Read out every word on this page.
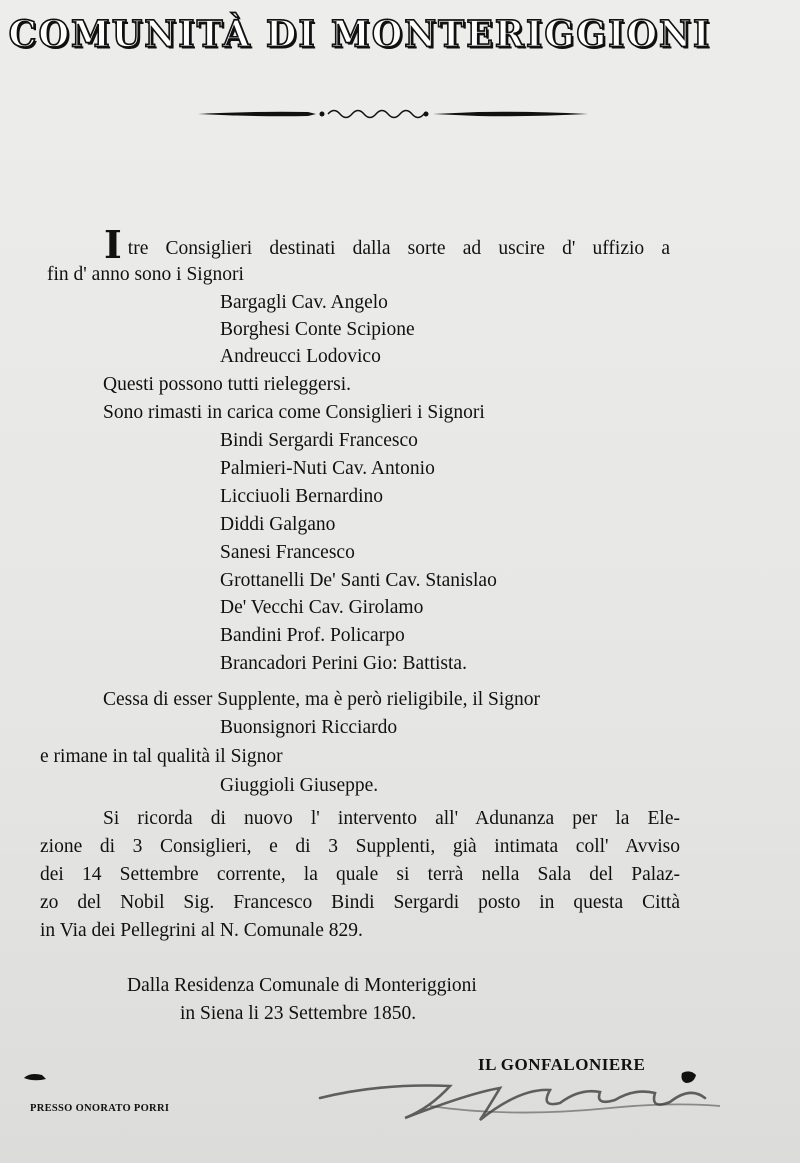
COMUNITÀ DI MONTERIGGIONI
Itre Consiglieri destinati dalla sorte ad uscire d' uffizio a
fin d' anno sono i Signori
Bargagli Cav. Angelo
Borghesi Conte Scipione
Andreucci Lodovico
Questi possono tutti rieleggersi.
Sono rimasti in carica come Consiglieri i Signori
Bindi Sergardi Francesco
Palmieri-Nuti Cav. Antonio
Licciuoli Bernardino
Diddi Galgano
Sanesi Francesco
Grottanelli De' Santi Cav. Stanislao
De' Vecchi Cav. Girolamo
Bandini Prof. Policarpo
Brancadori Perini Gio: Battista.
Cessa di esser Supplente, ma è però rieligibile, il Signor
Buonsignori Ricciardo
e rimane in tal qualità il Signor
Giuggioli Giuseppe.
Si ricorda di nuovo l' intervento all' Adunanza per la Ele-
zione di 3 Consiglieri, e di 3 Supplenti, già intimata coll' Avviso
dei 14 Settembre corrente, la quale si terrà nella Sala del Palaz-
zo del Nobil Sig. Francesco Bindi Sergardi posto in questa Città
in Via dei Pellegrini al N. Comunale 829.
Dalla Residenza Comunale di Monteriggioni
in Siena li 23 Settembre 1850.
IL GONFALONIERE
PRESSO ONORATO PORRI
